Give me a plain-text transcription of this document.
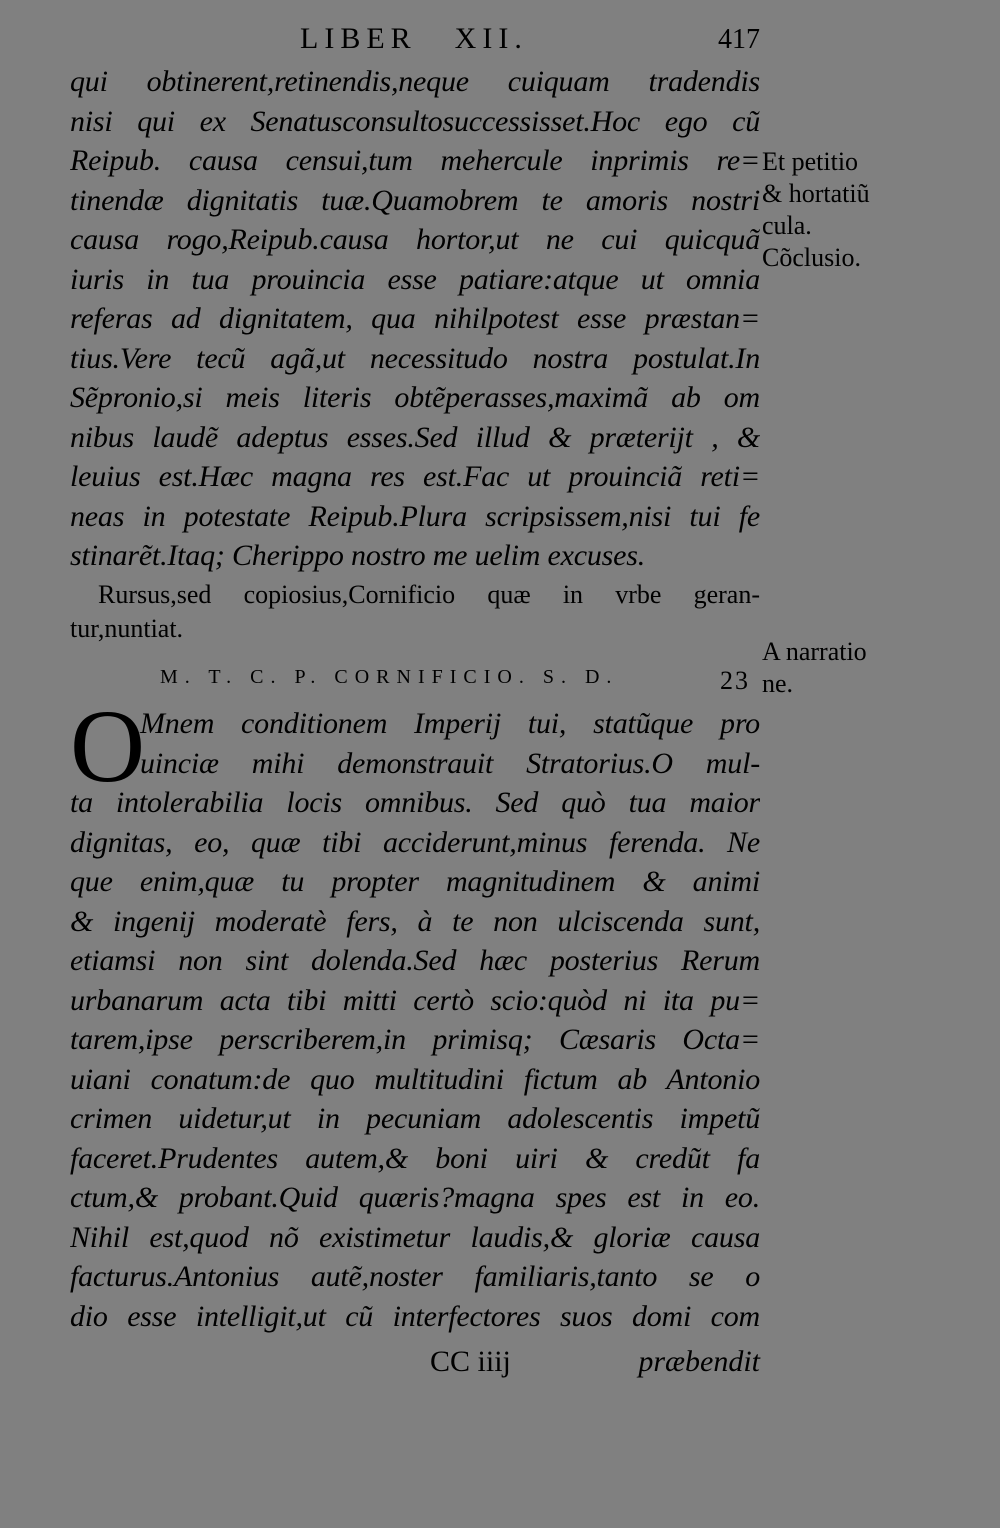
LIBER XII.	417
qui obtinerent,retinendis,neque cuiquam tradendis
nisi qui ex Senatusconsultosuccessisset.Hoc ego cũ
Reipub. causa censui,tum mehercule inprimis re=
tinendæ dignitatis tuæ.Quamobrem te amoris nostri
causa rogo,Reipub.causa hortor,ut ne cui quicquã
iuris in tua prouincia esse patiare:atque ut omnia
referas ad dignitatem, qua nihilpotest esse præstan=
tius.Vere tecũ agã,ut necessitudo nostra postulat.In
Sẽpronio,si meis literis obtẽperasses,maximã ab om
nibus laudẽ adeptus esses.Sed illud & præterijt , &
leuius est.Hæc magna res est.Fac ut prouinciã reti=
neas in potestate Reipub.Plura scripsissem,nisi tui fe
stinarẽt.Itaq; Cherippo nostro me uelim excuses.
Rursus,sed copiosius,Cornificio quæ in vrbe geran-
tur,nuntiat.
M. T. C. P. CORNIFICIO. S. D.	23
O
Mnem conditionem Imperij tui, statũque pro
uinciæ mihi demonstrauit Stratorius.O mul-
ta intolerabilia locis omnibus. Sed quò tua maior
dignitas, eo, quæ tibi acciderunt,minus ferenda. Ne
que enim,quæ tu propter magnitudinem & animi
& ingenij moderatè fers, à te non ulciscenda sunt,
etiamsi non sint dolenda.Sed hæc posterius Rerum
urbanarum acta tibi mitti certò scio:quòd ni ita pu=
tarem,ipse perscriberem,in primisq; Cæsaris Octa=
uiani conatum:de quo multitudini fictum ab Antonio
crimen uidetur,ut in pecuniam adolescentis impetũ
faceret.Prudentes autem,& boni uiri & credũt fa
ctum,& probant.Quid quæris?magna spes est in eo.
Nihil est,quod nõ existimetur laudis,& gloriæ causa
facturus.Antonius autẽ,noster familiaris,tanto se o
dio esse intelligit,ut cũ interfectores suos domi com
CC iiij	præbendit
Et petitio
& hortatiũ
cula.
Cõclusio.
A narratio
ne.
